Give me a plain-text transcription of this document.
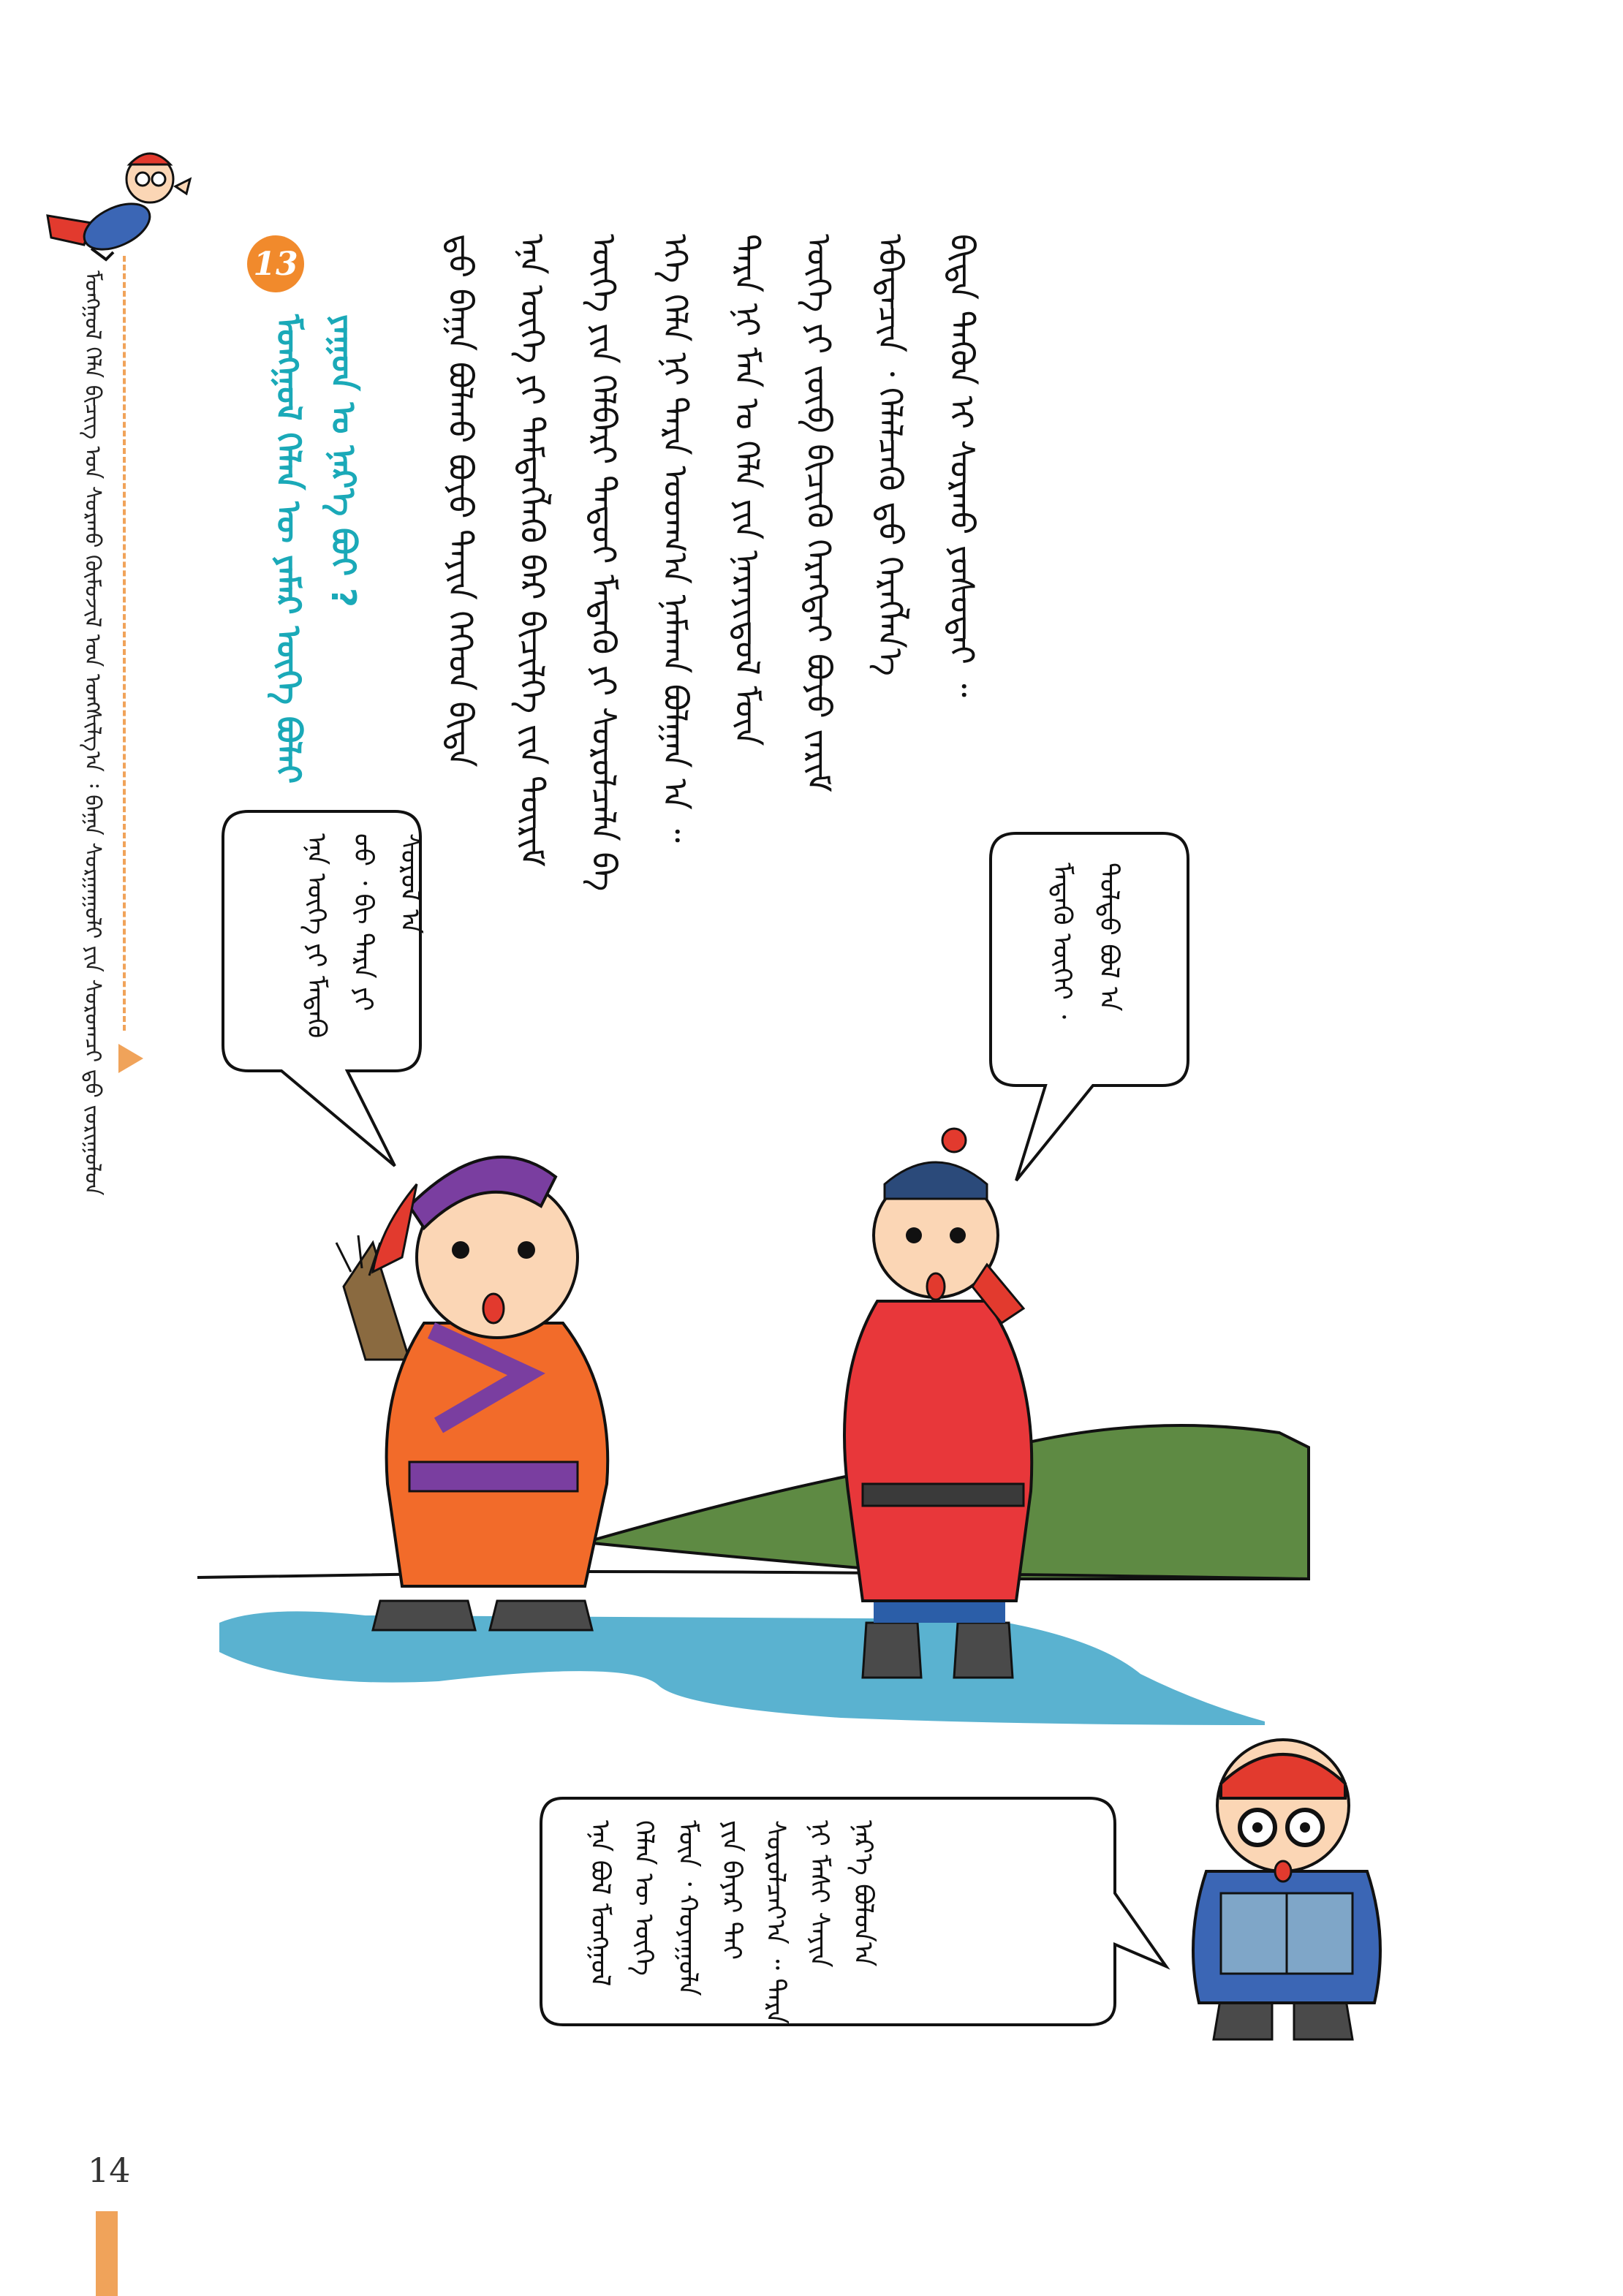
ᠮᠣᠩᠭᠣᠯ ᠬᠡᠯᠡ ᠪᠢᠴᠢᠭ᠌ ᠤᠨ ᠰᠤᠷᠬᠤ ᠬᠦᠮᠦᠵᠢᠯ ᠤᠨ ᠤᠩᠰᠢᠯᠭ᠎ᠠ ᠄ ᠪᠠᠭ᠋ᠠ ᠰᠤᠷᠭᠠᠭᠤᠯᠢ ᠶᠢᠨ ᠰᠤᠷᠤᠭᠴᠢ ᠳ᠋ᠤ᠌ ᠵᠣᠷᠢᠭᠤᠯᠤᠨ
13
ᠮᠣᠩᠭᠣᠯ ᠬᠡᠯᠡᠨ ᠦ ᠶᠠᠮᠠᠷ ᠦᠭᠡ ᠪᠣᠯᠠᠢ ᠶᠠᠭᠤᠨ ᠤ ᠨᠡᠷ᠎ᠡ ᠪᠤᠢ ? ᠳ᠋ᠤ᠌ ᠪᠠᠭ᠋ᠠ ᠪᠣᠯᠬᠤ ᠪᠤᠶᠤ ᠲᠡᠶᠢᠨ ᠬᠡᠭᠡᠳ ᠪᠢᠳᠡ ᠡᠨᠡ ᠦᠭᠡ ᠶᠢ ᠲᠡᠮᠳᠡᠭᠯᠡᠬᠦ ᠪᠡᠷ ᠪᠢᠴᠢᠯᠭᠡ ᠵᠢᠨ ᠳᠦᠷᠢᠮ ᠦᠭᠡ ᠶᠢᠨ ᠬᠡᠯᠪᠡᠷᠢ ᠲᠡᠳᠦᠢ ᠮᠡᠳᠡᠬᠦ ᠶᠢ ᠰᠤᠷᠤᠯᠴᠠᠯᠠ ᠪᠠ ᠡᠬᠡ ᠬᠡᠯᠡ ᠨᠢ ᠲᠡᠷᠡ ᠤᠳᠬ᠎ᠠ ᠨᠠᠮᠬᠠᠨ ᠪᠣᠯᠭᠠᠨ ᠠ ᠃ ᠲᠡᠷᠡ ᠨᠢ ᠮᠠᠨ ᠤ ᠬᠡᠯᠡ ᠶᠢᠨ ᠨᠡᠷᠡᠶᠢᠳᠦᠯ ᠮᠥᠨ ᠦᠭᠡ ᠶᠢ ᠵᠦᠪ ᠪᠢᠴᠢᠬᠦ ᠬᠡᠷᠡᠭᠲᠡᠢ ᠪᠤᠶᠤ ᠵᠠᠷᠢᠮ ᠡᠪᠡᠳᠡᠴᠢᠨ ᠂ ᠬᠡᠯᠡᠯᠴᠡᠬᠦ ᠳ᠋ᠤ᠌ ᠬᠡᠷᠡᠭᠯᠡᠨ᠎ᠡ ᠪᠢᠳᠡ ᠲᠡᠭᠦᠨ ᠢ ᠰᠤᠷᠬᠤ ᠶᠣᠰᠣᠲᠠᠢ ᠃
ᠡᠨᠡ ᠦᠭᠡ ᠶᠢ ᠮᠡᠳᠡᠬᠦ ᠦᠦ ᠂ ᠪᠢ ᠲᠡᠷᠡ ᠶᠢ ᠰᠤᠷᠤᠯ ᠠ	ᠮᠡᠳᠡᠬᠦ ᠦᠭᠡᠢ ᠂ ᠳᠤᠯᠳᠤ ᠪᠣᠯ ᠠ
ᠡᠨᠡ ᠪᠣᠯ ᠮᠣᠩᠭᠣᠯ ᠬᠡᠯᠡᠨ ᠦ ᠦᠭᠡ ᠮᠥᠨ ᠂ ᠬᠣᠶᠠᠭᠤᠯᠠ ᠶᠢᠨ ᠪᠠᠶᠠᠷ ᠲᠠᠢ ᠰᠤᠷᠤᠯᠴᠠᠶ᠎ᠠ ᠃ ᠲᠡᠷᠡ ᠨᠢ ᠮᠠᠰᠢ ᠰᠠᠶᠢᠨ ᠨᠡᠷ᠎ᠡ ᠪᠣᠯᠤᠨ᠎ᠠ
14
